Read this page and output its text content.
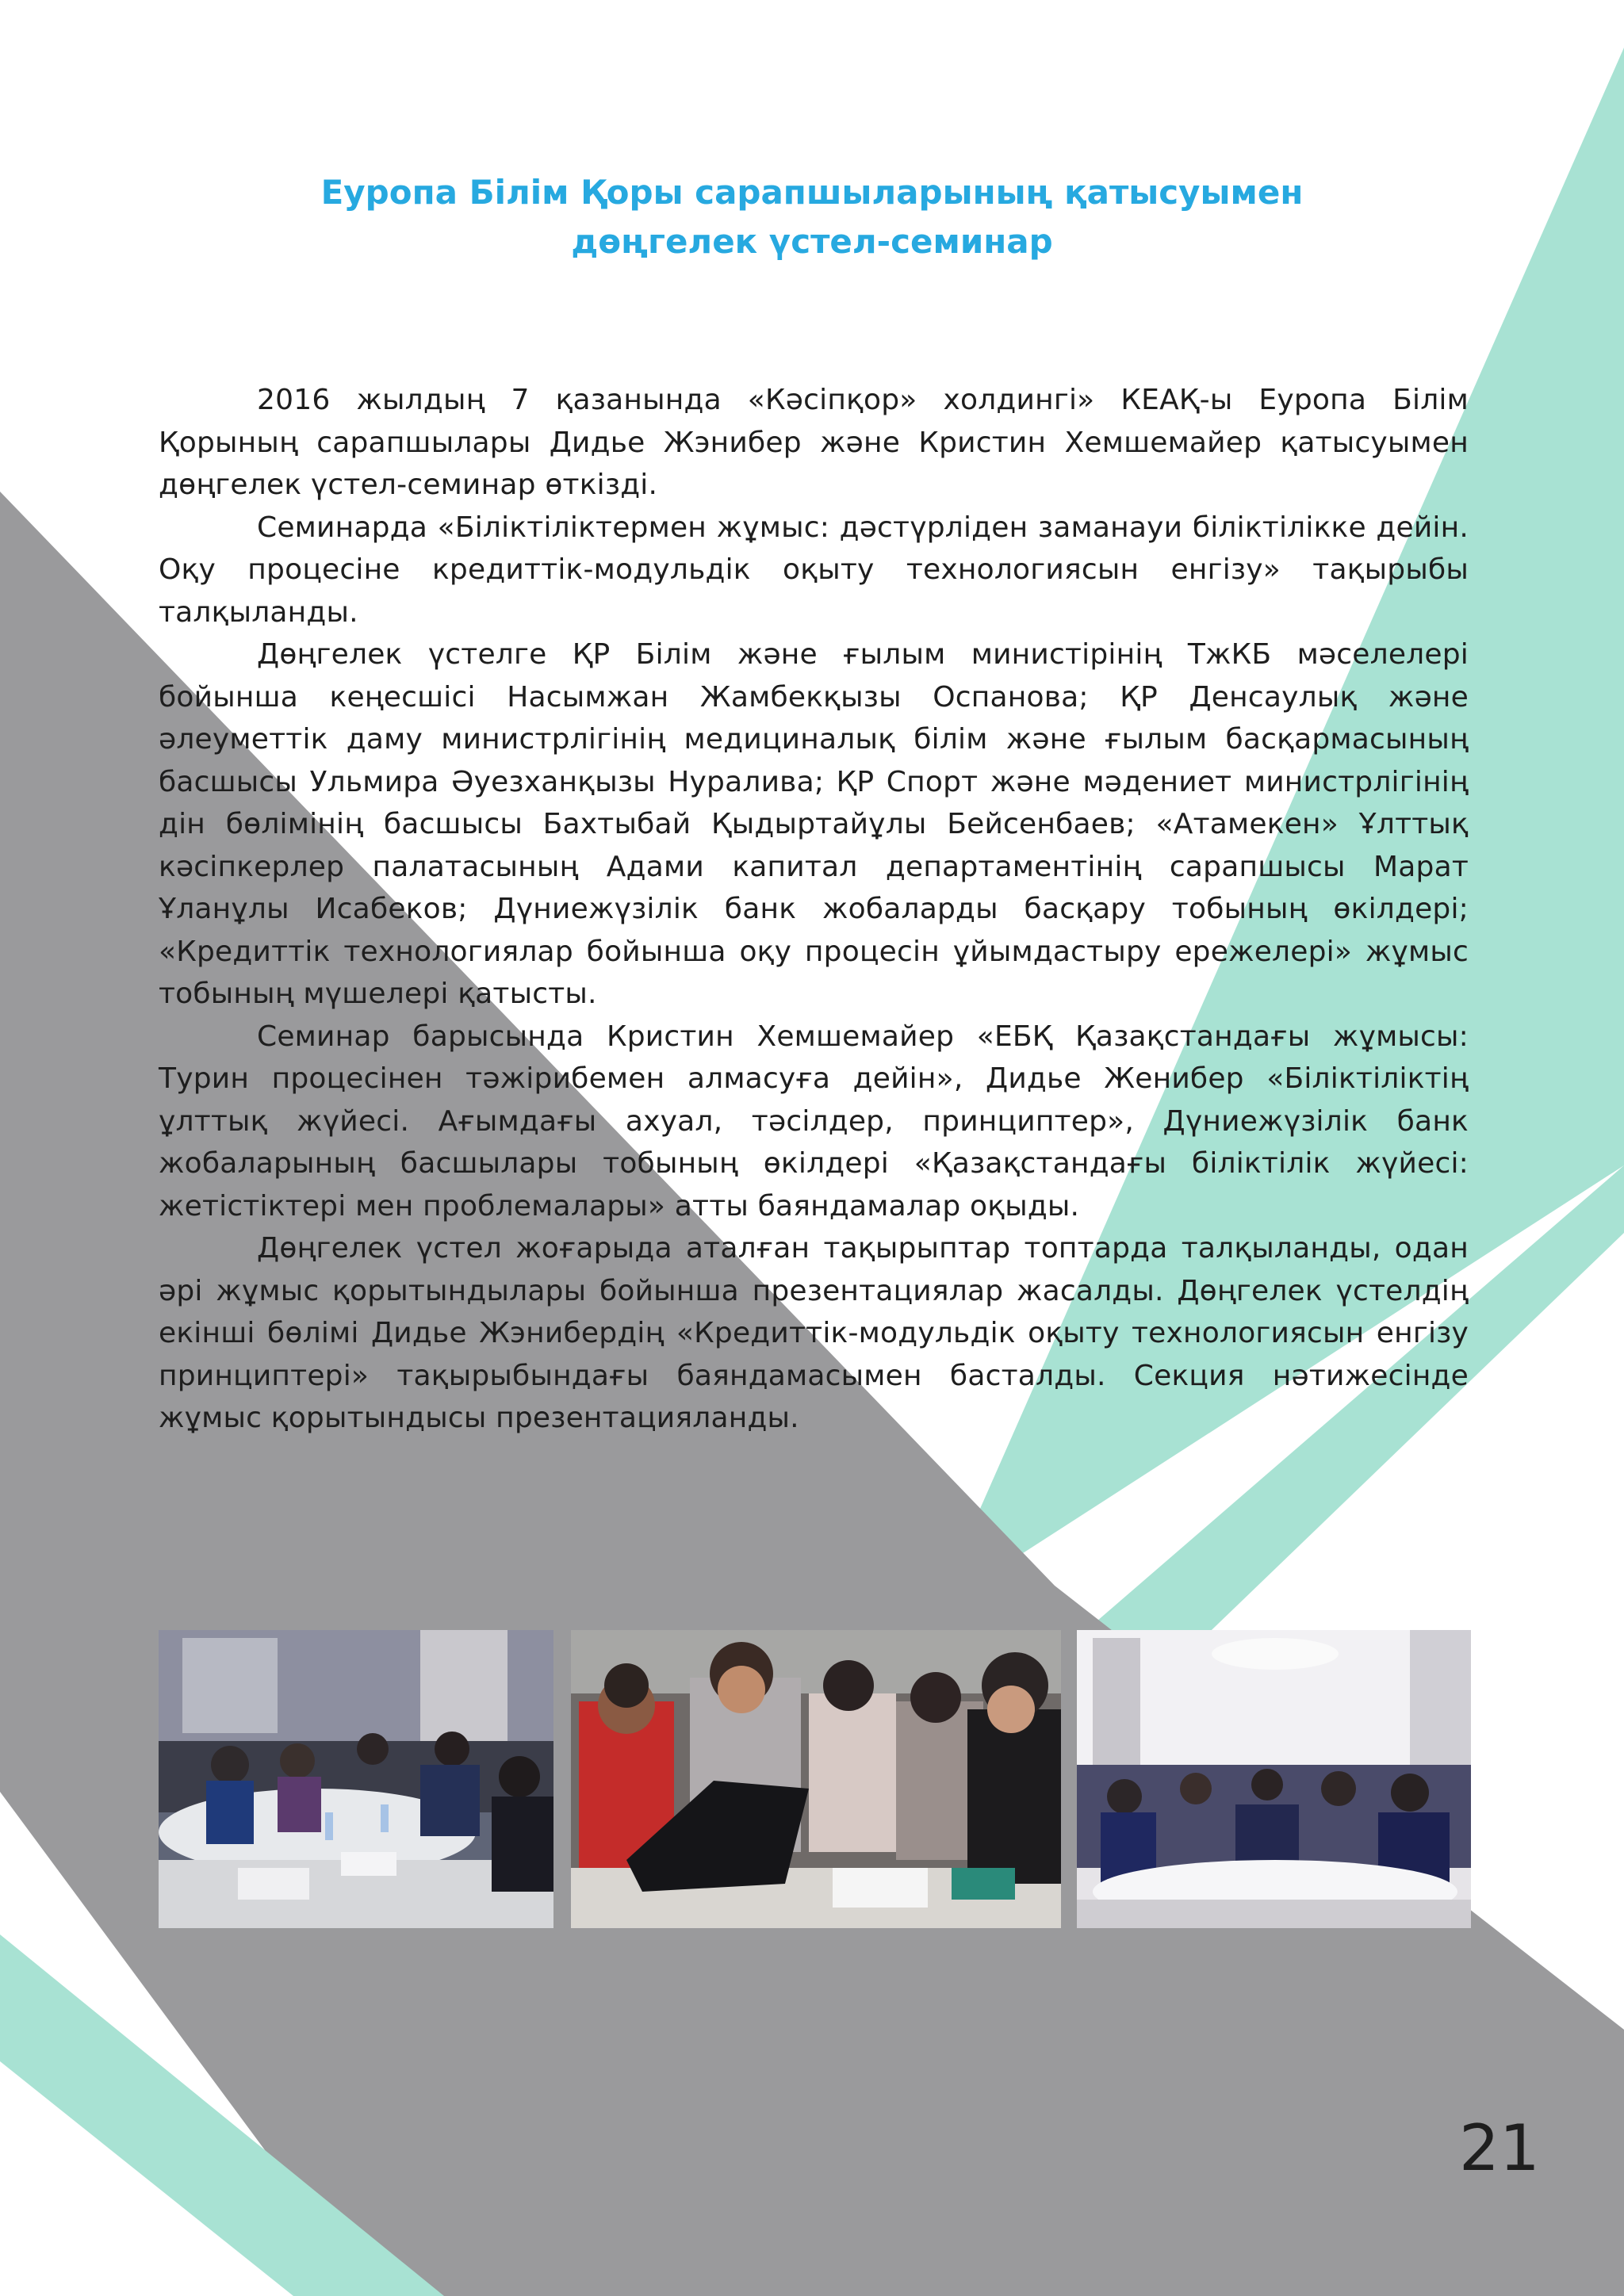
Еуропа Білім Қоры сарапшыларының қатысуымен
дөңгелек үстел-семинар

2016 жылдың 7 қазанында «Кәсіпқор» холдингі» КЕАҚ-ы Еуропа Білім Қорының сарапшылары Дидье Жэнибер және Кристин Хемшемайер қатысуымен дөңгелек үстел-семинар өткізді.

Семинарда «Біліктіліктермен жұмыс: дәстүрліден заманауи біліктілікке дейін. Оқу процесіне кредиттік-модульдік оқыту технологиясын енгізу» тақырыбы талқыланды.

Дөңгелек үстелге ҚР Білім және ғылым министірінің ТжКБ мәселелері бойынша кеңесшісі Насымжан Жамбекқызы Оспанова; ҚР Денсаулық және әлеуметтік даму министрлігінің медициналық білім және ғылым басқармасының басшысы Ульмира Әуезханқызы Нуралива; ҚР Спорт және мәдениет министрлігінің дін бөлімінің басшысы Бахтыбай Қыдыртайұлы Бейсенбаев; «Атамекен» Ұлттық кәсіпкерлер палатасының Адами капитал департаментінің сарапшысы Марат Ұланұлы Исабеков; Дүниежүзілік банк жобаларды басқару тобының өкілдері; «Кредиттік технологиялар бойынша оқу процесін ұйымдастыру ережелері» жұмыс тобының мүшелері қатысты.

Семинар барысында Кристин Хемшемайер «ЕБҚ Қазақстандағы жұмысы: Турин процесінен тәжірибемен алмасуға дейін», Дидье Женибер «Біліктіліктің ұлттық жүйесі. Ағымдағы ахуал, тәсілдер, принциптер», Дүниежүзілік банк жобаларының басшылары тобының өкілдері «Қазақстандағы біліктілік жүйесі: жетістіктері мен проблемалары» атты баяндамалар оқыды.

Дөңгелек үстел жоғарыда аталған тақырыптар топтарда талқыланды, одан әрі жұмыс қорытындылары бойынша презентациялар жасалды. Дөңгелек үстелдің екінші бөлімі Дидье Жэнибердің «Кредиттік-модульдік оқыту технологиясын енгізу принциптері» тақырыбындағы баяндамасымен басталды. Секция нәтижесінде жұмыс қорытындысы презентацияланды.

21
